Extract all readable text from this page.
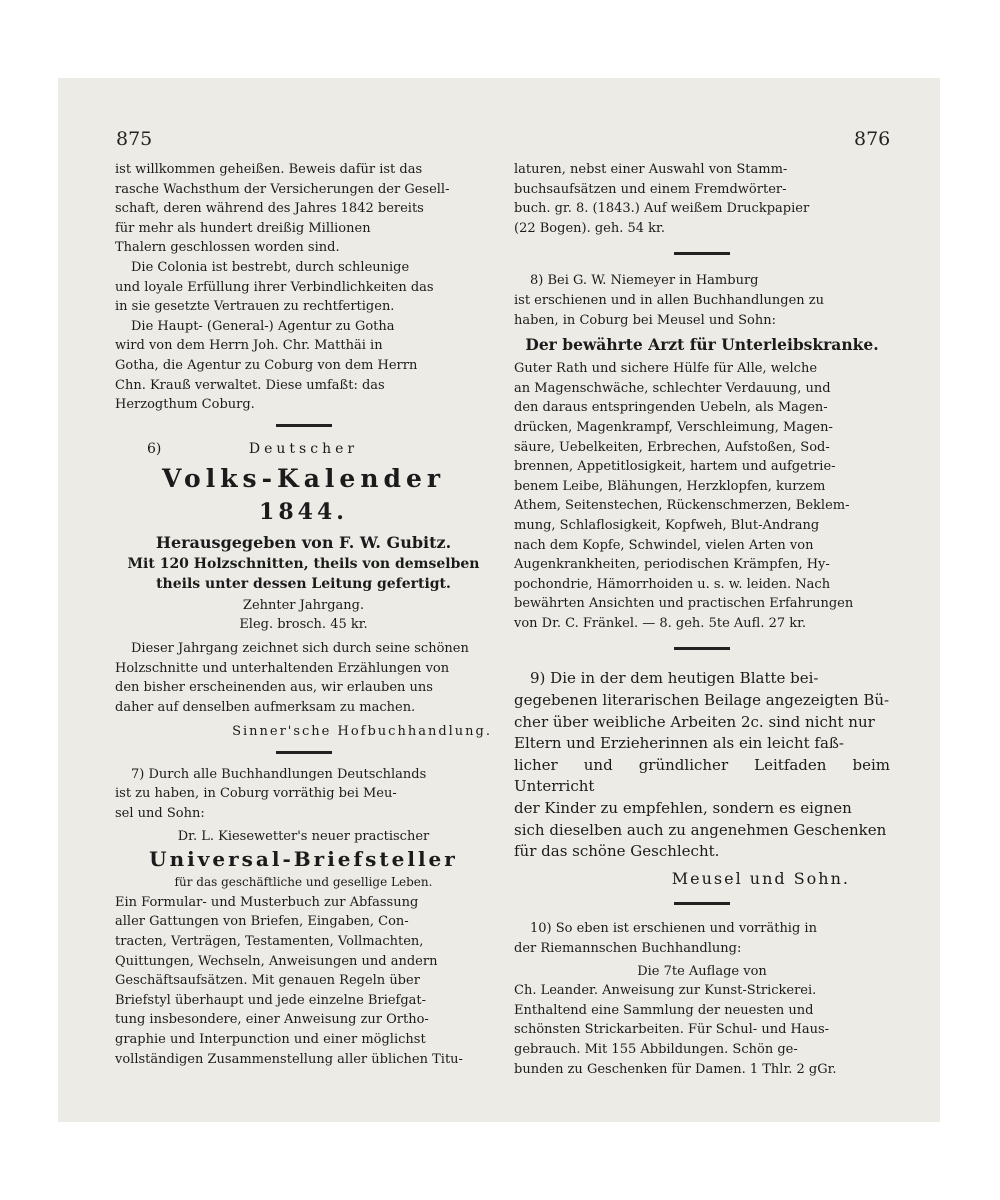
875	876

ist willkommen geheißen. Beweis dafür ist das

rasche Wachsthum der Versicherungen der Gesell-

schaft, deren während des Jahres 1842 bereits

für mehr als hundert dreißig Millionen

Thalern geschlossen worden sind.

Die Colonia ist bestrebt, durch schleunige

und loyale Erfüllung ihrer Verbindlichkeiten das

in sie gesetzte Vertrauen zu rechtfertigen.

Die Haupt- (General-) Agentur zu Gotha

wird von dem Herrn Joh. Chr. Matthäi in

Gotha, die Agentur zu Coburg von dem Herrn

Chn. Krauß verwaltet. Diese umfaßt: das

Herzogthum Coburg.

6)	Deutscher

Volks-Kalender

1844.

Herausgegeben von F. W. Gubitz.

Mit 120 Holzschnitten, theils von demselben

theils unter dessen Leitung gefertigt.

Zehnter Jahrgang.

Eleg. brosch. 45 kr.

Dieser Jahrgang zeichnet sich durch seine schönen

Holzschnitte und unterhaltenden Erzählungen von

den bisher erscheinenden aus, wir erlauben uns

daher auf denselben aufmerksam zu machen.

Sinner'sche Hofbuchhandlung.

7) Durch alle Buchhandlungen Deutschlands

ist zu haben, in Coburg vorräthig bei Meu-

sel und Sohn:

Dr. L. Kiesewetter's neuer practischer

Universal-Briefsteller

für das geschäftliche und gesellige Leben.

Ein Formular- und Musterbuch zur Abfassung

aller Gattungen von Briefen, Eingaben, Con-

tracten, Verträgen, Testamenten, Vollmachten,

Quittungen, Wechseln, Anweisungen und andern

Geschäftsaufsätzen. Mit genauen Regeln über

Briefstyl überhaupt und jede einzelne Briefgat-

tung insbesondere, einer Anweisung zur Ortho-

graphie und Interpunction und einer möglichst

vollständigen Zusammenstellung aller üblichen Titu-

laturen, nebst einer Auswahl von Stamm-

buchsaufsätzen und einem Fremdwörter-

buch. gr. 8. (1843.) Auf weißem Druckpapier

(22 Bogen). geh. 54 kr.

8) Bei G. W. Niemeyer in Hamburg

ist erschienen und in allen Buchhandlungen zu

haben, in Coburg bei Meusel und Sohn:

Der bewährte Arzt für Unterleibskranke.

Guter Rath und sichere Hülfe für Alle, welche

an Magenschwäche, schlechter Verdauung, und

den daraus entspringenden Uebeln, als Magen-

drücken, Magenkrampf, Verschleimung, Magen-

säure, Uebelkeiten, Erbrechen, Aufstoßen, Sod-

brennen, Appetitlosigkeit, hartem und aufgetrie-

benem Leibe, Blähungen, Herzklopfen, kurzem

Athem, Seitenstechen, Rückenschmerzen, Beklem-

mung, Schlaflosigkeit, Kopfweh, Blut-Andrang

nach dem Kopfe, Schwindel, vielen Arten von

Augenkrankheiten, periodischen Krämpfen, Hy-

pochondrie, Hämorrhoiden u. s. w. leiden. Nach

bewährten Ansichten und practischen Erfahrungen

von Dr. C. Fränkel. — 8. geh. 5te Aufl. 27 kr.

9) Die in der dem heutigen Blatte bei-

gegebenen literarischen Beilage angezeigten Bü-

cher über weibliche Arbeiten 2c. sind nicht nur

Eltern und Erzieherinnen als ein leicht faß-

licher und gründlicher Leitfaden beim Unterricht

der Kinder zu empfehlen, sondern es eignen

sich dieselben auch zu angenehmen Geschenken

für das schöne Geschlecht.

Meusel und Sohn.

10) So eben ist erschienen und vorräthig in

der Riemannschen Buchhandlung:

Die 7te Auflage von

Ch. Leander. Anweisung zur Kunst-Strickerei.

Enthaltend eine Sammlung der neuesten und

schönsten Strickarbeiten. Für Schul- und Haus-

gebrauch. Mit 155 Abbildungen. Schön ge-

bunden zu Geschenken für Damen. 1 Thlr. 2 gGr.
